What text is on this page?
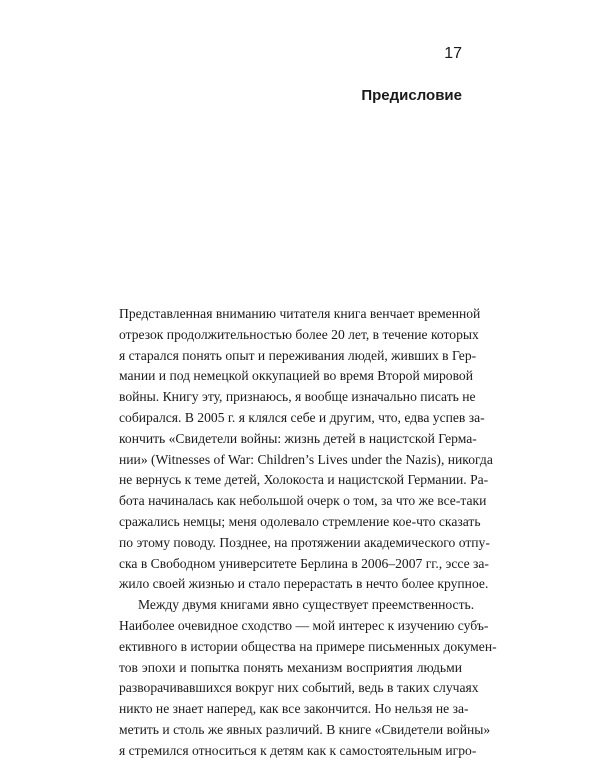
17
Предисловие
Представленная вниманию читателя книга венчает временной
отрезок продолжительностью более 20 лет, в течение которых
я старался понять опыт и переживания людей, живших в Гер-
мании и под немецкой оккупацией во время Второй мировой
войны. Книгу эту, признаюсь, я вообще изначально писать не
собирался. В 2005 г. я клялся себе и другим, что, едва успев за-
кончить «Свидетели войны: жизнь детей в нацистской Герма-
нии» (Witnesses of War: Children’s Lives under the Nazis), никогда
не вернусь к теме детей, Холокоста и нацистской Германии. Ра-
бота начиналась как небольшой очерк о том, за что же все-таки
сражались немцы; меня одолевало стремление кое-что сказать
по этому поводу. Позднее, на протяжении академического отпу-
ска в Свободном университете Берлина в 2006–2007 гг., эссе за-
жило своей жизнью и стало перерастать в нечто более крупное.
Между двумя книгами явно существует преемственность.
Наиболее очевидное сходство — мой интерес к изучению субъ-
ективного в истории общества на примере письменных докумен-
тов эпохи и попытка понять механизм восприятия людьми
разворачивавшихся вокруг них событий, ведь в таких случаях
никто не знает наперед, как все закончится. Но нельзя не за-
метить и столь же явных различий. В книге «Свидетели войны»
я стремился относиться к детям как к самостоятельным игро-
